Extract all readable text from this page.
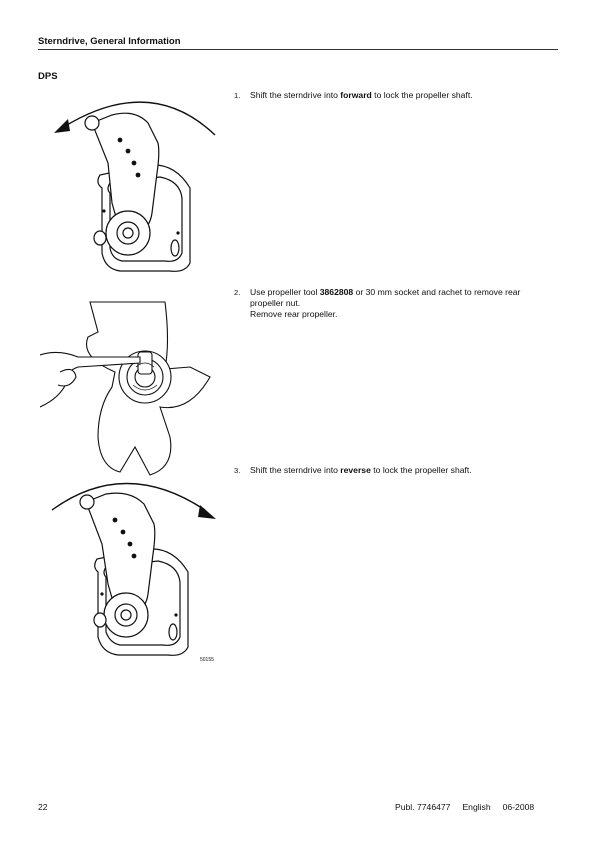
Sterndrive, General Information
DPS
1.	Shift the sterndrive into forward to lock the propeller shaft.
2.	Use propeller tool 3862808 or 30 mm socket and rachet to remove rear propeller nut.
Remove rear propeller.
3.	Shift the sterndrive into reverse to lock the propeller shaft.
50155
22	Publ. 7746477 English 06-2008
